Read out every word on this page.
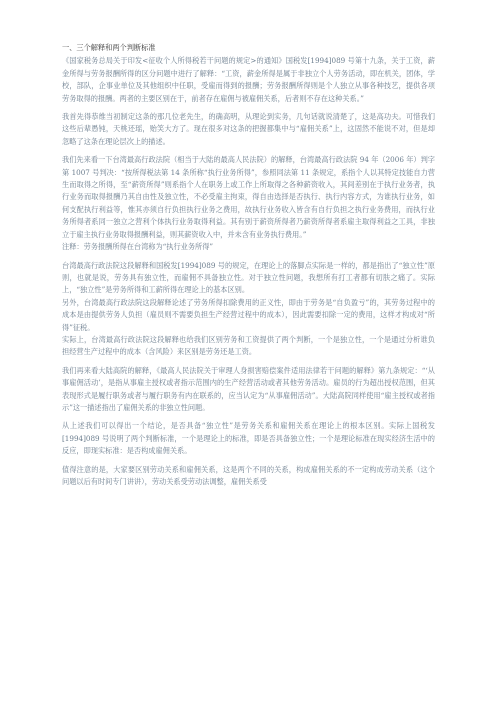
一、三个解释和两个判断标准

《国家税务总局关于印发<征收个人所得税若干问题的规定>的通知》国税发[1994]089 号第十九条，关于工资，薪金所得与劳务报酬所得的区分问题中进行了解释：“工资，薪金所得是属于非独立个人劳务活动，即在机关，团体，学校，部队，企事业单位及其他组织中任职，受雇而得到的报酬；劳务报酬所得则是个人独立从事各种技艺，提供各项劳务取得的报酬。两者的主要区别在于，前者存在雇佣与被雇佣关系，后者则不存在这种关系。”

我首先得恭维当初制定这条的那几位老先生，的确高明，从理论到实务，几句话就说清楚了，这是高功夫。可惜我们这些后辈愚钝，天桃还瑶，贻笑大方了。现在很多对这条的把握都集中与“雇佣关系”上，这固然不能说不对，但是却忽略了这条在理论层次上的描述。

我们先来看一下台湾最高行政法院（相当于大陆的最高人民法院）的解释，台湾最高行政法院 94 年（2006 年）判字第 1007 号判决：“按所得税法第 14 条所称“执行业务所得”，参照同法第 11 条规定，系指个人以其特定技能自力营生而取得之所得，至“薪资所得”则系指个人在职务上或工作上所取得之各种薪资收入，其间差别在于执行业务者，执行业务而取得报酬乃其自由性及独立性，不必受雇主拘束，得自由选择是否执行、执行内容方式，为谁执行业务，如何支配执行利益等，惟其亦须自行负担执行业务之费用，故执行业务收入皆含有自行负担之执行业务费用，而执行业务所得者系同一独立之营利个体执行业务取得利益。其有别于薪资所得者乃薪资所得者系雇主取得利益之工具，非独立于雇主执行业务取得报酬利益，则其薪资收入中，并未含有业务执行费用。”

注释：劳务报酬所得在台湾称为“执行业务所得”

台湾最高行政法院这段解释和国税发[1994]089 号的规定，在理论上的落脚点实际是一样的，都是指出了“独立性”原则，也就是说，劳务具有独立性，而雇佣不具备独立性。对于独立性问题，我想所有打工者都有切肤之痛了。实际上，“独立性”是劳务所得和工薪所得在理论上的基本区别。

另外，台湾最高行政法院这段解释论述了劳务所得扣除费用的正义性，即由于劳务是“自负盈亏”的，其劳务过程中的成本是由提供劳务人负担（雇员则不需要负担生产经营过程中的成本），因此需要扣除一定的费用，这样才构成对“所得”征税。

实际上，台湾最高行政法院这段解释也给我们区别劳务和工资提供了两个判断，一个是独立性，一个是通过分析谁负担经营生产过程中的成本（含风险）来区别是劳务还是工资。

我们再来看大陆高院的解释，《最高人民法院关于审理人身损害赔偿案件适用法律若干问题的解释》第九条规定：“‘从事雇佣活动’，是指从事雇主授权或者指示范围内的生产经营活动或者其他劳务活动。雇员的行为超出授权范围，但其表现形式是履行职务或者与履行职务有内在联系的，应当认定为“从事雇佣活动”。大陆高院同样使用“雇主授权或者指示”这一描述指出了雇佣关系的非独立性问题。

从上述我们可以得出一个结论，是否具备“独立性”是劳务关系和雇佣关系在理论上的根本区别。实际上国税发[1994]089 号说明了两个判断标准，一个是理论上的标准，即是否具备独立性；一个是理论标准在现实经济生活中的反应，即现实标准：是否构成雇佣关系。

值得注意的是，大家要区别劳动关系和雇佣关系，这是两个不同的关系，构成雇佣关系的不一定构成劳动关系（这个问题以后有时间专门讲讲），劳动关系受劳动法调整，雇佣关系受
